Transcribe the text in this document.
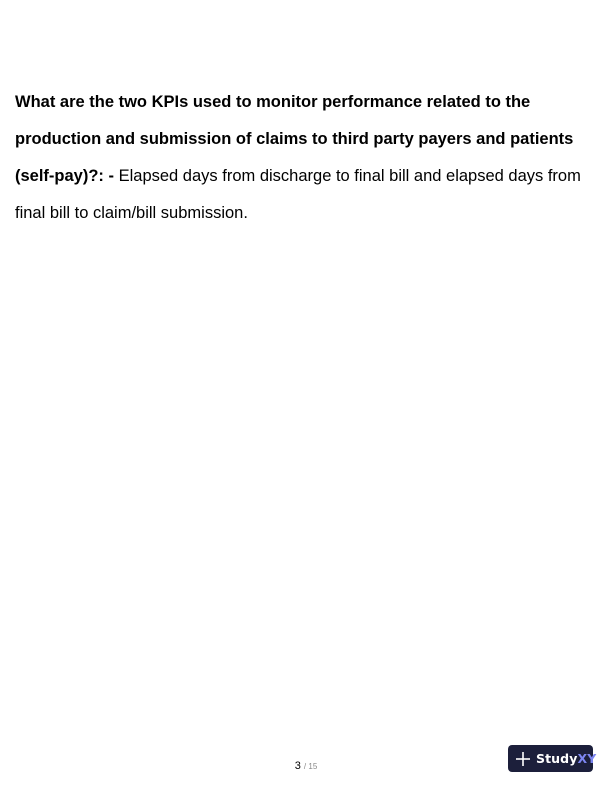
What are the two KPIs used to monitor performance related to the production and submission of claims to third party payers and patients (self-pay)?: - Elapsed days from discharge to final bill and elapsed days from final bill to claim/bill submission.
3 / 15
StudyXY
